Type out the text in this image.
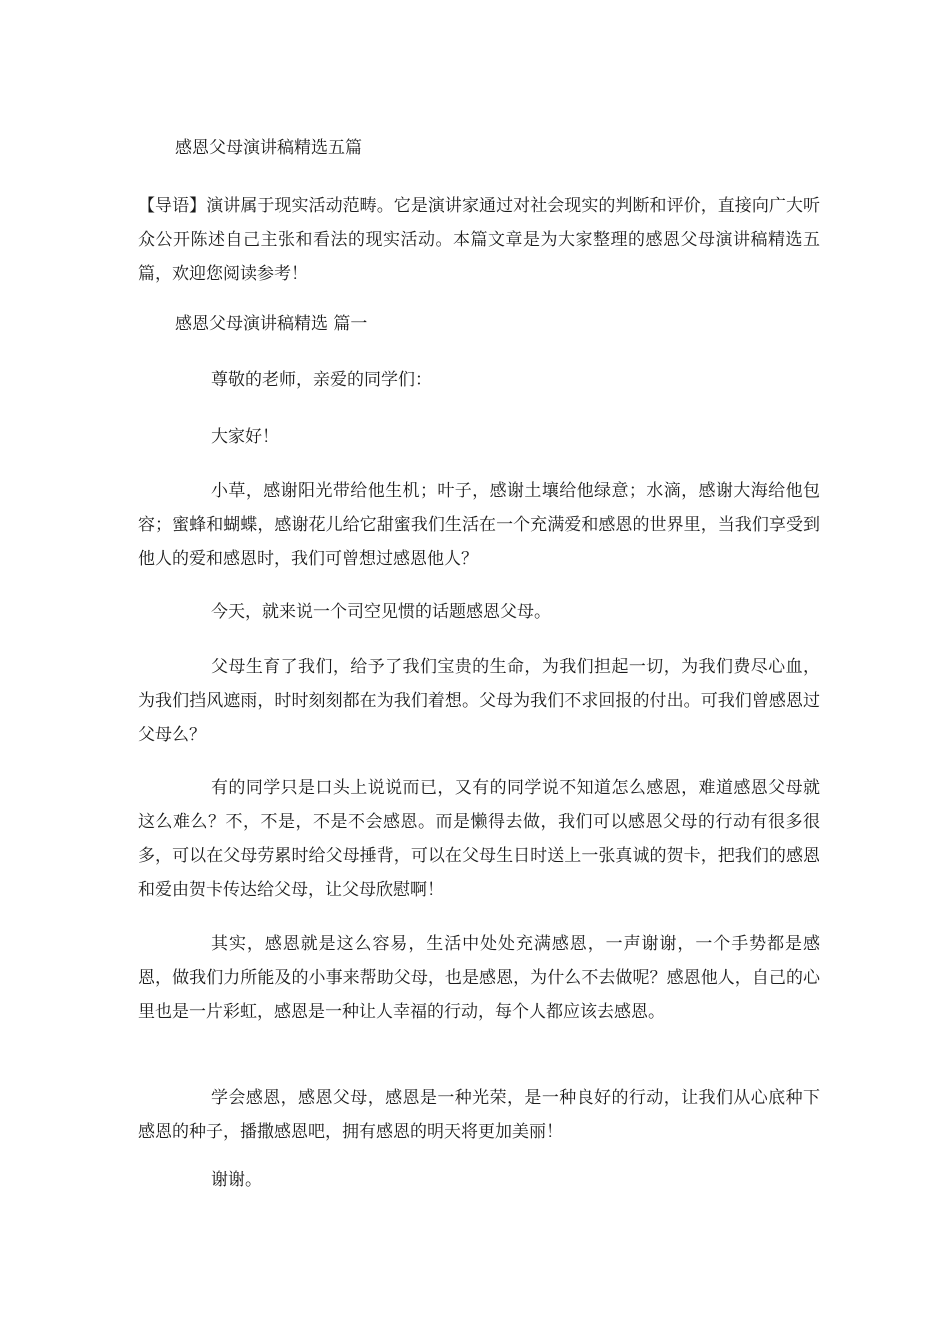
感恩父母演讲稿精选五篇

【导语】演讲属于现实活动范畴。它是演讲家通过对社会现实的判断和评价，直接向广大听众公开陈述自己主张和看法的现实活动。本篇文章是为大家整理的感恩父母演讲稿精选五篇，欢迎您阅读参考！

感恩父母演讲稿精选 篇一
尊敬的老师，亲爱的同学们：
大家好！

小草，感谢阳光带给他生机；叶子，感谢土壤给他绿意；水滴，感谢大海给他包容；蜜蜂和蝴蝶，感谢花儿给它甜蜜我们生活在一个充满爱和感恩的世界里，当我们享受到他人的爱和感恩时，我们可曾想过感恩他人？

今天，就来说一个司空见惯的话题感恩父母。

父母生育了我们，给予了我们宝贵的生命，为我们担起一切，为我们费尽心血，为我们挡风遮雨，时时刻刻都在为我们着想。父母为我们不求回报的付出。可我们曾感恩过父母么？

有的同学只是口头上说说而已，又有的同学说不知道怎么感恩，难道感恩父母就这么难么？不，不是，不是不会感恩。而是懒得去做，我们可以感恩父母的行动有很多很多，可以在父母劳累时给父母捶背，可以在父母生日时送上一张真诚的贺卡，把我们的感恩和爱由贺卡传达给父母，让父母欣慰啊！

其实，感恩就是这么容易，生活中处处充满感恩，一声谢谢，一个手势都是感恩，做我们力所能及的小事来帮助父母，也是感恩，为什么不去做呢？感恩他人，自己的心里也是一片彩虹，感恩是一种让人幸福的行动，每个人都应该去感恩。

学会感恩，感恩父母，感恩是一种光荣，是一种良好的行动，让我们从心底种下感恩的种子，播撒感恩吧，拥有感恩的明天将更加美丽！

谢谢。
